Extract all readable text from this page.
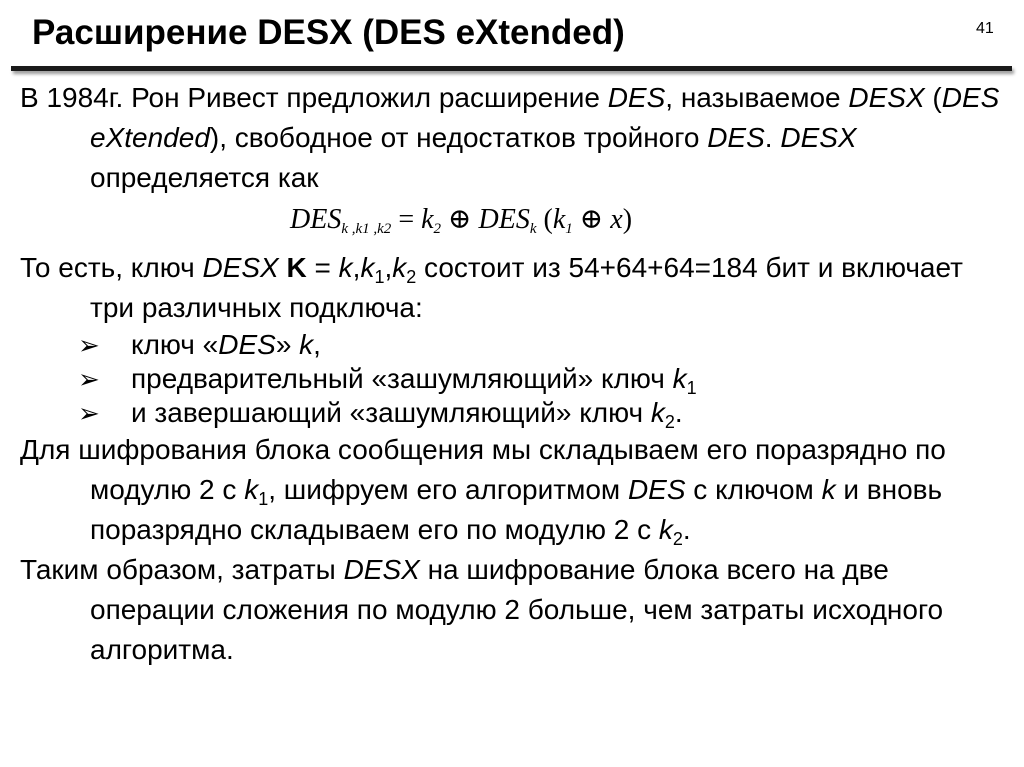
41
Расширение DESX (DES eXtended)

В 1984г. Рон Ривест предложил расширение DES, называемое DESX (DES eXtended), свободное от недостатков тройного DES. DESX определяется как

$DES_{k ,k1 ,k2} = k_2$ ⊕ $DES_k$ ($k_1$ ⊕ x)

То есть, ключ DESX $K = k,k_1,k_2$ состоит из 54+64+64=184 бит и включает три различных подключа:

➢ ключ «DES» k,
➢ предварительный «зашумляющий» ключ $k_1$
➢ и завершающий «зашумляющий» ключ $k_2$.

Для шифрования блока сообщения мы складываем его поразрядно по модулю 2 с $k_1$, шифруем его алгоритмом DES с ключом k и вновь поразрядно складываем его по модулю 2 с $k_2$.

Таким образом, затраты DESX на шифрование блока всего на две операции сложения по модулю 2 больше, чем затраты исходного алгоритма.
